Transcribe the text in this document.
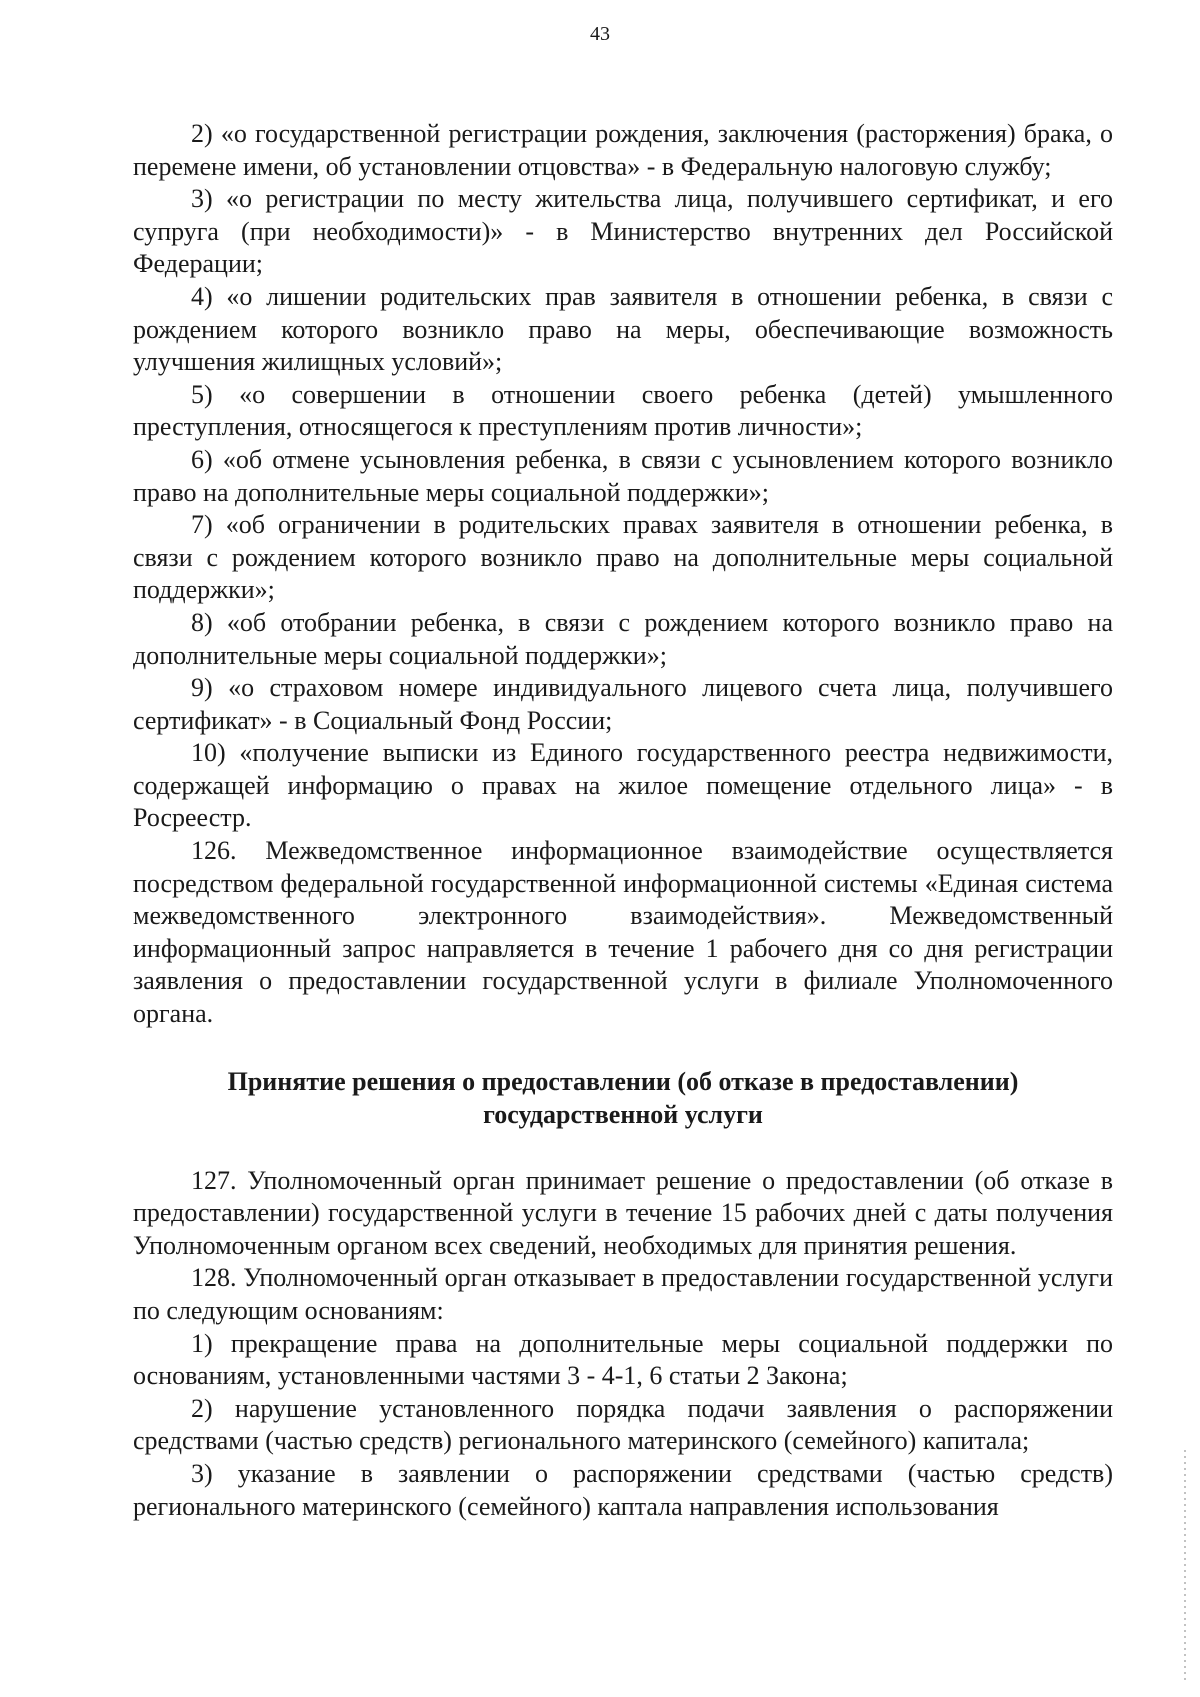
43

2) «о государственной регистрации рождения, заключения (расторжения) брака, о перемене имени, об установлении отцовства» - в Федеральную налоговую службу;

3) «о регистрации по месту жительства лица, получившего сертификат, и его супруга (при необходимости)» - в Министерство внутренних дел Российской Федерации;

4) «о лишении родительских прав заявителя в отношении ребенка, в связи с рождением которого возникло право на меры, обеспечивающие возможность улучшения жилищных условий»;

5) «о совершении в отношении своего ребенка (детей) умышленного преступления, относящегося к преступлениям против личности»;

6) «об отмене усыновления ребенка, в связи с усыновлением которого возникло право на дополнительные меры социальной поддержки»;

7) «об ограничении в родительских правах заявителя в отношении ребенка, в связи с рождением которого возникло право на дополнительные меры социальной поддержки»;

8) «об отобрании ребенка, в связи с рождением которого возникло право на дополнительные меры социальной поддержки»;

9) «о страховом номере индивидуального лицевого счета лица, получившего сертификат» - в Социальный Фонд России;

10) «получение выписки из Единого государственного реестра недвижимости, содержащей информацию о правах на жилое помещение отдельного лица» - в Росреестр.

126. Межведомственное информационное взаимодействие осуществляется посредством федеральной государственной информационной системы «Единая система межведомственного электронного взаимодействия». Межведомственный информационный запрос направляется в течение 1 рабочего дня со дня регистрации заявления о предоставлении государственной услуги в филиале Уполномоченного органа.

Принятие решения о предоставлении (об отказе в предоставлении)
государственной услуги

127. Уполномоченный орган принимает решение о предоставлении (об отказе в предоставлении) государственной услуги в течение 15 рабочих дней с даты получения Уполномоченным органом всех сведений, необходимых для принятия решения.

128. Уполномоченный орган отказывает в предоставлении государственной услуги по следующим основаниям:

1) прекращение права на дополнительные меры социальной поддержки по основаниям, установленными частями 3 - 4-1, 6 статьи 2 Закона;

2) нарушение установленного порядка подачи заявления о распоряжении средствами (частью средств) регионального материнского (семейного) капитала;

3) указание в заявлении о распоряжении средствами (частью средств) регионального материнского (семейного) каптала направления использования
